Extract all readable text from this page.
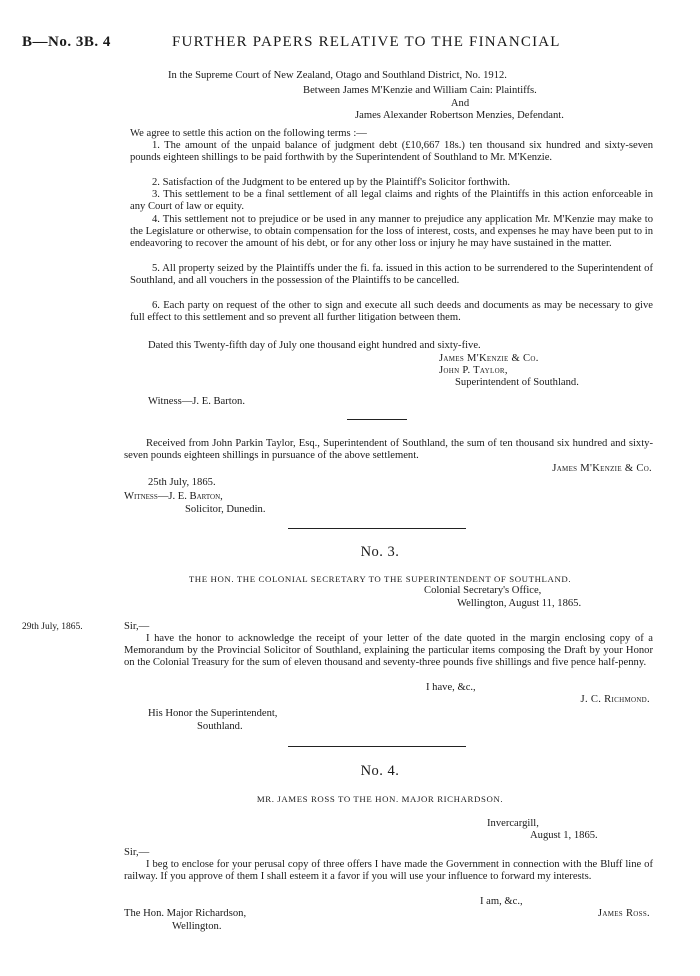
B—No. 3B. 4	FURTHER PAPERS RELATIVE TO THE FINANCIAL
In the Supreme Court of New Zealand, Otago and Southland District, No. 1912.
Between James M'Kenzie and William Cain: Plaintiffs.
And
James Alexander Robertson Menzies, Defendant.
We agree to settle this action on the following terms :—
1. The amount of the unpaid balance of judgment debt (£10,667 18s.) ten thousand six hundred and sixty-seven pounds eighteen shillings to be paid forthwith by the Superintendent of Southland to Mr. M'Kenzie.
2. Satisfaction of the Judgment to be entered up by the Plaintiff's Solicitor forthwith.
3. This settlement to be a final settlement of all legal claims and rights of the Plaintiffs in this action enforceable in any Court of law or equity.
4. This settlement not to prejudice or be used in any manner to prejudice any application Mr. M'Kenzie may make to the Legislature or otherwise, to obtain compensation for the loss of interest, costs, and expenses he may have been put to in endeavoring to recover the amount of his debt, or for any other loss or injury he may have sustained in the matter.
5. All property seized by the Plaintiffs under the fi. fa. issued in this action to be surrendered to the Superintendent of Southland, and all vouchers in the possession of the Plaintiffs to be cancelled.
6. Each party on request of the other to sign and execute all such deeds and documents as may be necessary to give full effect to this settlement and so prevent all further litigation between them.
Dated this Twenty-fifth day of July one thousand eight hundred and sixty-five.
James M'Kenzie & Co.
John P. Taylor,
Superintendent of Southland.
Witness—J. E. Barton.
Received from John Parkin Taylor, Esq., Superintendent of Southland, the sum of ten thousand six hundred and sixty-seven pounds eighteen shillings in pursuance of the above settlement.
James M'Kenzie & Co.
25th July, 1865.
Witness—J. E. Barton,
Solicitor, Dunedin.
No. 3.
THE HON. THE COLONIAL SECRETARY TO THE SUPERINTENDENT OF SOUTHLAND.
Colonial Secretary's Office,
Wellington, August 11, 1865.
29th July, 1865.	Sir,—
I have the honor to acknowledge the receipt of your letter of the date quoted in the margin enclosing copy of a Memorandum by the Provincial Solicitor of Southland, explaining the particular items composing the Draft by your Honor on the Colonial Treasury for the sum of eleven thousand and seventy-three pounds five shillings and five pence half-penny.
I have, &c.,
J. C. Richmond.
His Honor the Superintendent,
Southland.
No. 4.
MR. JAMES ROSS TO THE HON. MAJOR RICHARDSON.
Invercargill,
August 1, 1865.
Sir,—
I beg to enclose for your perusal copy of three offers I have made the Government in connection with the Bluff line of railway. If you approve of them I shall esteem it a favor if you will use your influence to forward my interests.
I am, &c.,
James Ross.
The Hon. Major Richardson,
Wellington.
